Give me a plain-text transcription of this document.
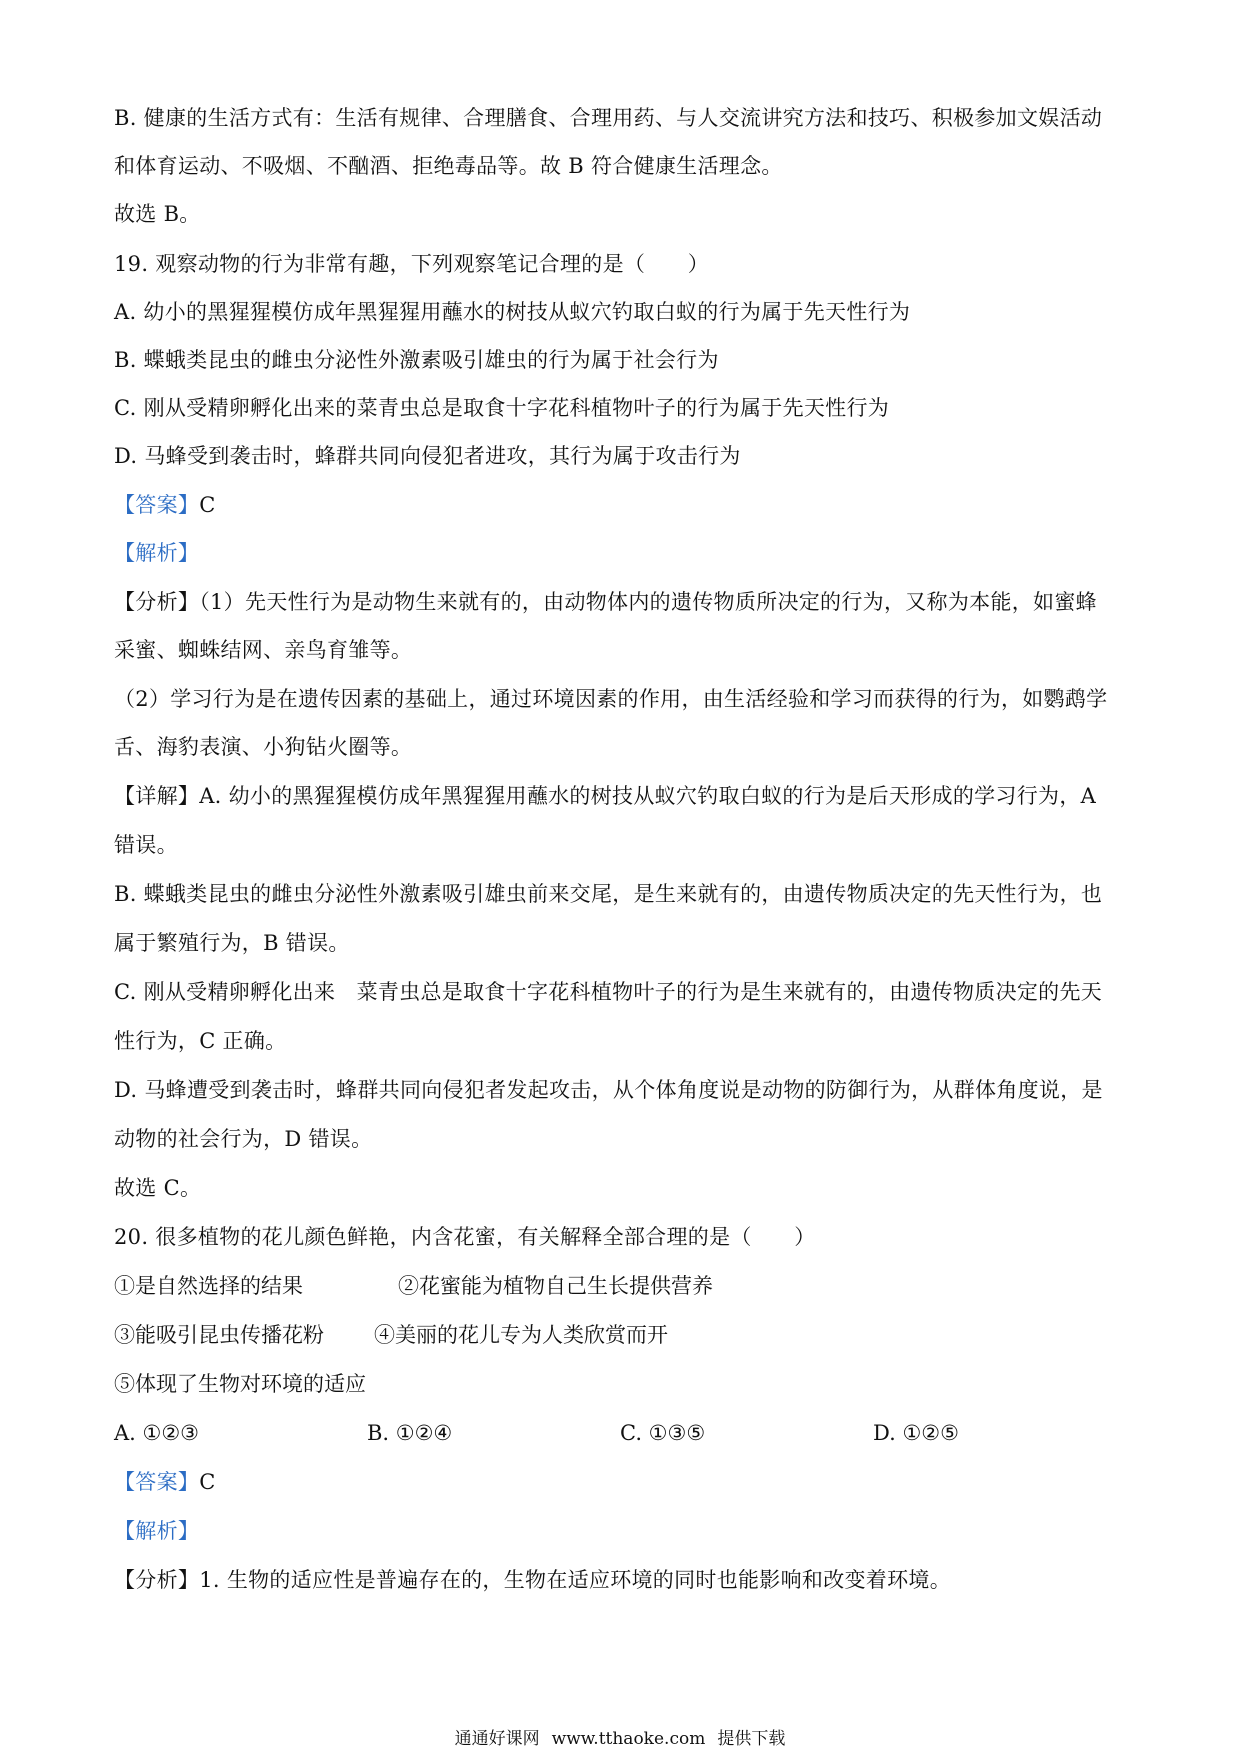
B. 健康的生活方式有：生活有规律、合理膳食、合理用药、与人交流讲究方法和技巧、积极参加文娱活动
和体育运动、不吸烟、不酗酒、拒绝毒品等。故 B 符合健康生活理念。
故选 B。
19. 观察动物的行为非常有趣，下列观察笔记合理的是（　　）
A. 幼小的黑猩猩模仿成年黑猩猩用蘸水的树技从蚁穴钓取白蚁的行为属于先天性行为
B. 蝶蛾类昆虫的雌虫分泌性外激素吸引雄虫的行为属于社会行为
C. 刚从受精卵孵化出来的菜青虫总是取食十字花科植物叶子的行为属于先天性行为
D. 马蜂受到袭击时，蜂群共同向侵犯者进攻，其行为属于攻击行为
【答案】C
【解析】
【分析】（1）先天性行为是动物生来就有的，由动物体内的遗传物质所决定的行为，又称为本能，如蜜蜂
采蜜、蜘蛛结网、亲鸟育雏等。
（2）学习行为是在遗传因素的基础上，通过环境因素的作用，由生活经验和学习而获得的行为，如鹦鹉学
舌、海豹表演、小狗钻火圈等。
【详解】A. 幼小的黑猩猩模仿成年黑猩猩用蘸水的树技从蚁穴钓取白蚁的行为是后天形成的学习行为，A
错误。
B. 蝶蛾类昆虫的雌虫分泌性外激素吸引雄虫前来交尾，是生来就有的，由遗传物质决定的先天性行为，也
属于繁殖行为，B 错误。
C. 刚从受精卵孵化出来　菜青虫总是取食十字花科植物叶子的行为是生来就有的，由遗传物质决定的先天
性行为，C 正确。
D. 马蜂遭受到袭击时，蜂群共同向侵犯者发起攻击，从个体角度说是动物的防御行为，从群体角度说，是
动物的社会行为，D 错误。
故选 C。
20. 很多植物的花儿颜色鲜艳，内含花蜜，有关解释全部合理的是（　　）
①是自然选择的结果	②花蜜能为植物自己生长提供营养
③能吸引昆虫传播花粉 ④美丽的花儿专为人类欣赏而开
⑤体现了生物对环境的适应
A. ①②③	B. ①②④	C. ①③⑤	D. ①②⑤
【答案】C
【解析】
【分析】1. 生物的适应性是普遍存在的，生物在适应环境的同时也能影响和改变着环境。
通通好课网 www.tthaoke.com 提供下载
